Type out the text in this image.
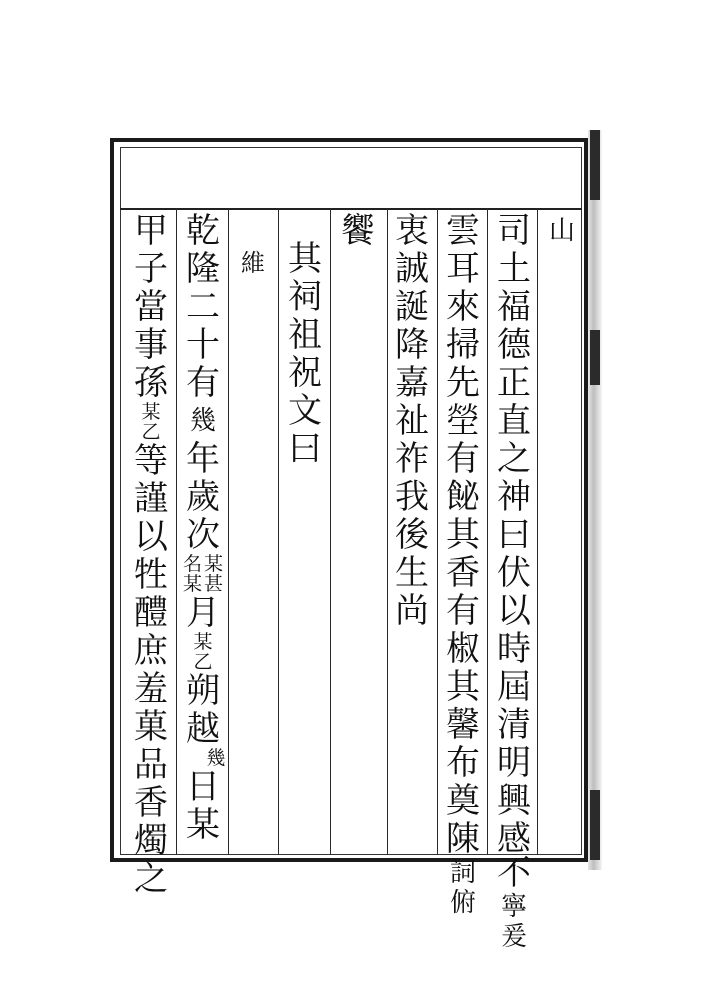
山
司
土
福
德
正
直
之
神
曰
伏
以
時
屆
清
明
興
感
不
寧
爰
雲
耳
來
掃
先
塋
有
飶
其
香
有
椒
其
馨
布
奠
陳
詞
俯
衷
誠
誕
降
嘉
祉
祚
我
後
生
尚
饗
其
祠
祖
祝
文
曰
維
乾
隆
二
十
有
幾
年
歲
次
某
甚
名
某
月
某
乙
朔
越
幾
日
某
甲
子
當
事
孫
某
乙
等
謹
以
牲
醴
庶
羞
菓
品
香
燭
之
